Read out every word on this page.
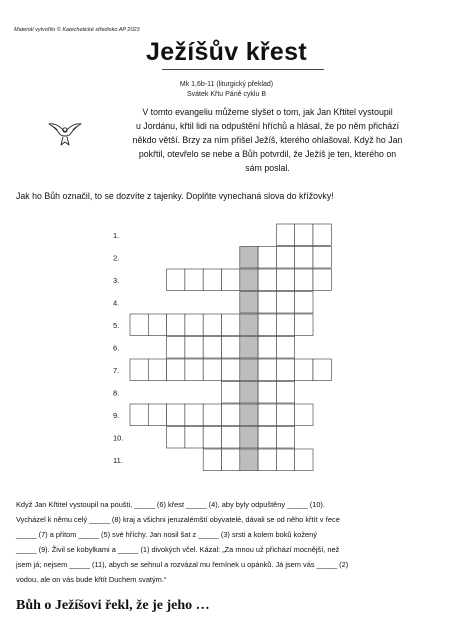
Materiál vytvořilo © Katechetické středisko AP 2023
Ježíšův křest
Mk 1,6b-11 (liturgický překlad)
Svátek Křtu Páně cyklu B
V tomto evangeliu můžeme slyšet o tom, jak Jan Křtitel vystoupil
u Jordánu, křtil lidi na odpuštění hříchů a hlásal, že po něm přichází
někdo větší. Brzy za ním přišel Ježíš, kterého ohlašoval. Když ho Jan
pokřtil, otevřelo se nebe a Bůh potvrdil, že Ježíš je ten, kterého on
sám poslal.
Jak ho Bůh označil, to se dozvíte z tajenky. Doplňte vynechaná slova do křížovky!
1.
2.
3.
4.
5.
6.
7.
8.
9.
10.
11.
Když Jan Křtitel vystoupil na poušti, _____ (6) křest _____ (4), aby byly odpuštěny _____ (10).
Vycházel k němu celý _____ (8) kraj a všichni jeruzalémští obyvatelé, dávali se od něho křtít v řece
_____ (7) a přitom _____ (5) své hříchy. Jan nosil šat z _____ (3) srsti a kolem boků kožený
_____ (9). Živil se kobylkami a _____ (1) divokých včel. Kázal: „Za mnou už přichází mocnější, než
jsem já; nejsem _____ (11), abych se sehnul a rozvázal mu řemínek u opánků. Já jsem vás _____ (2)
vodou, ale on vás bude křtít Duchem svatým.“
Bůh o Ježíšovi řekl, že je jeho …
